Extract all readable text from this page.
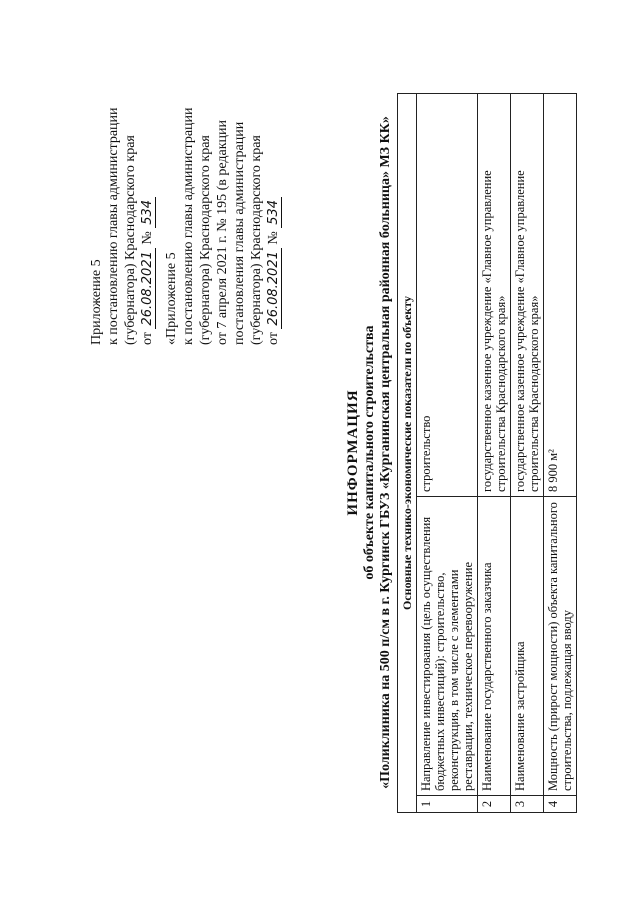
Приложение 5 к постановлению главы администрации (губернатора) Краснодарского края от 26.08.2021 № 534

«Приложение 5 к постановлению главы администрации (губернатора) Краснодарского края от 7 апреля 2021 г. № 195 (в редакции постановления главы администрации (губернатора) Краснодарского края от 26.08.2021 № 534

ИНФОРМАЦИЯ об объекте капитального строительства «Поликлиника на 500 п/см в г. Кургинск ГБУЗ «Курганинская центральная районная больница» МЗ КК» Основные технико-экономические показатели по объекту		
1	Направление инвестирования (цель осуществления бюджетных инвестиций): строительство, реконструкция, в том числе с элементами реставрации, техническое перевооружение	строительство
2	Наименование государственного заказчика	государственное казенное учреждение «Главное управление строительства Краснодарского края»
3	Наименование застройщика	государственное казенное учреждение «Главное управление строительства Краснодарского края»
4	Мощность (прирост мощности) объекта капитального строительства, подлежащая вводу	8 900 м²
